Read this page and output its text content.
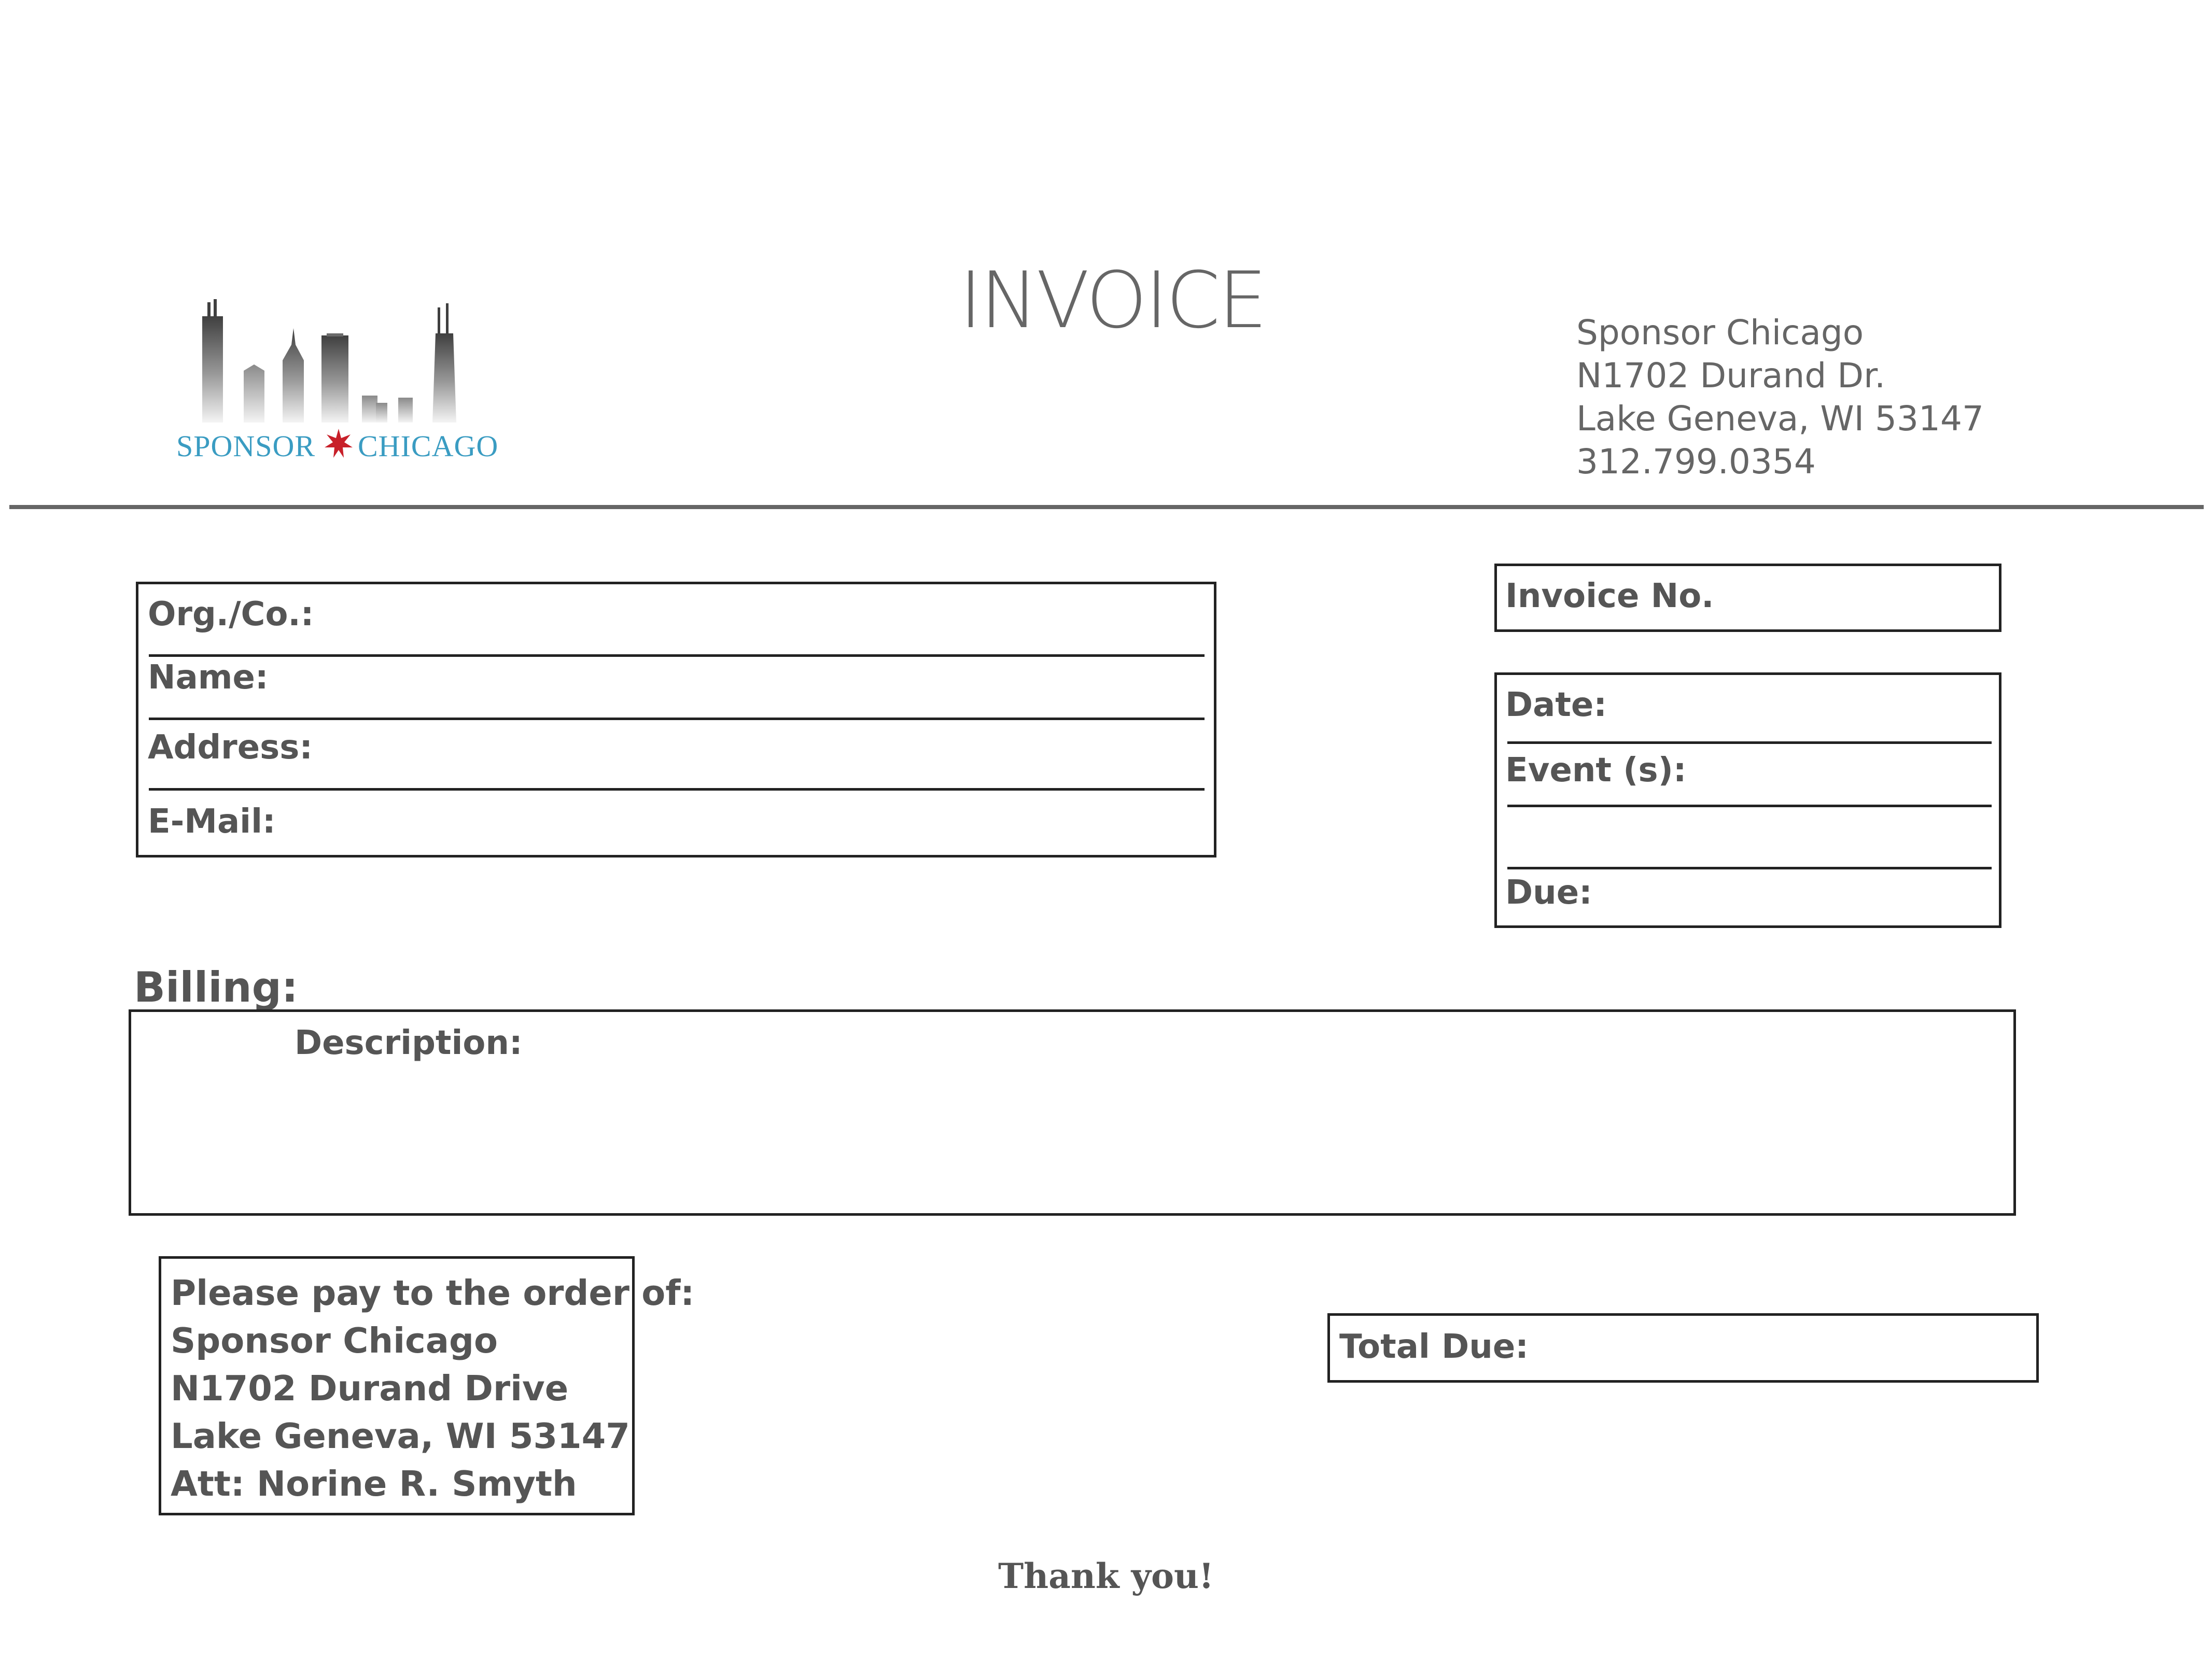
SPONSOR CHICAGO
INVOICE	Sponsor Chicago
N1702 Durand Dr.
Lake Geneva, WI 53147
312.799.0354
Org./Co.:
Name:
Address:
E-Mail:
Invoice No.
Date:
Event (s):
Due:
Billing:
Description:
Please pay to the order of:
Sponsor Chicago
N1702 Durand Drive
Lake Geneva, WI 53147
Att: Norine R. Smyth
Total Due:
Thank you!
